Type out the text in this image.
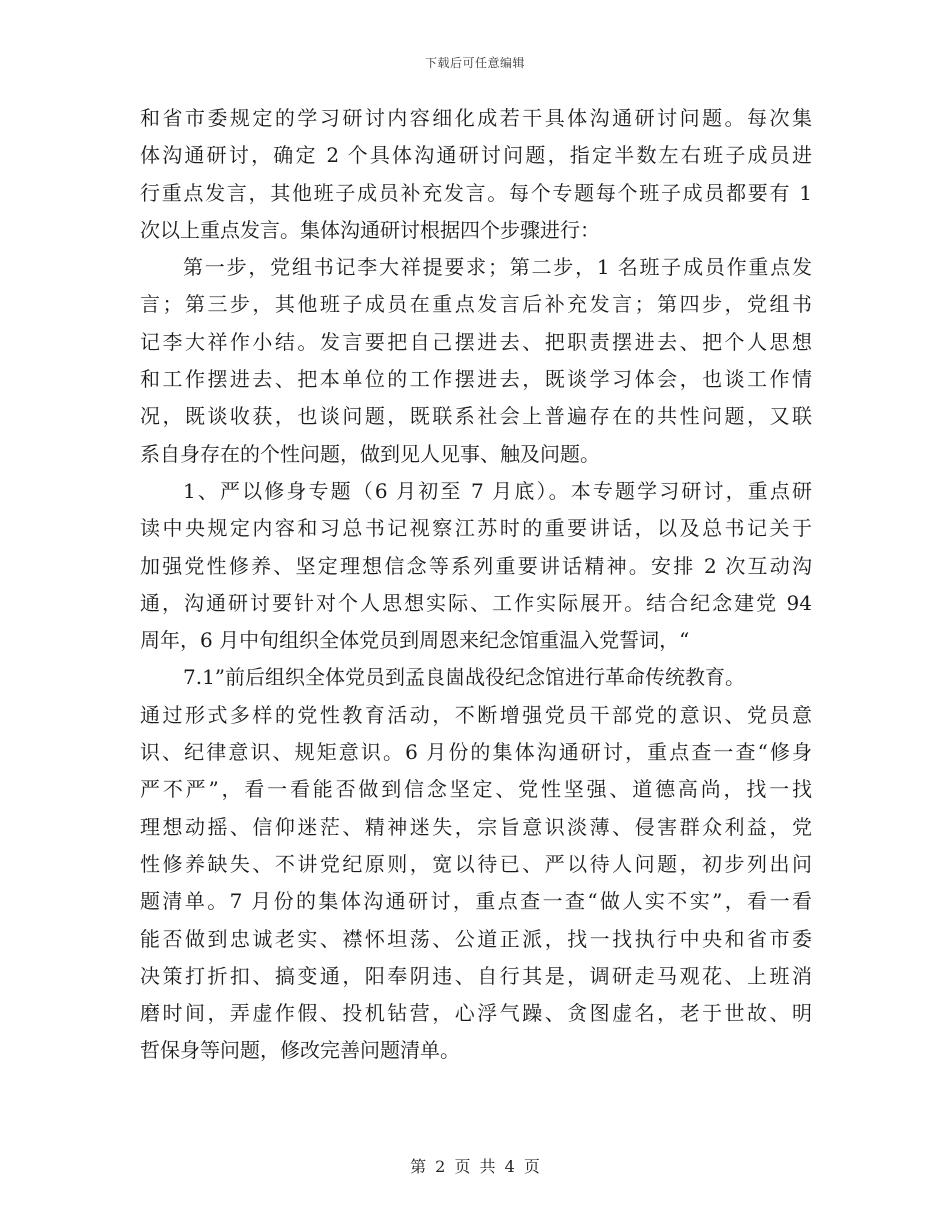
下载后可任意编辑
和省市委规定的学习研讨内容细化成若干具体沟通研讨问题。每次集
体沟通研讨，确定 2 个具体沟通研讨问题，指定半数左右班子成员进
行重点发言，其他班子成员补充发言。每个专题每个班子成员都要有 1
次以上重点发言。集体沟通研讨根据四个步骤进行：
第一步，党组书记李大祥提要求；第二步，1 名班子成员作重点发
言；第三步，其他班子成员在重点发言后补充发言；第四步，党组书
记李大祥作小结。发言要把自己摆进去、把职责摆进去、把个人思想
和工作摆进去、把本单位的工作摆进去，既谈学习体会，也谈工作情
况，既谈收获，也谈问题，既联系社会上普遍存在的共性问题，又联
系自身存在的个性问题，做到见人见事、触及问题。
1、严以修身专题（6 月初至 7 月底）。本专题学习研讨，重点研
读中央规定内容和习总书记视察江苏时的重要讲话，以及总书记关于
加强党性修养、坚定理想信念等系列重要讲话精神。安排 2 次互动沟
通，沟通研讨要针对个人思想实际、工作实际展开。结合纪念建党 94
周年，6 月中旬组织全体党员到周恩来纪念馆重温入党誓词，“
7.1”前后组织全体党员到孟良崮战役纪念馆进行革命传统教育。
通过形式多样的党性教育活动，不断增强党员干部党的意识、党员意
识、纪律意识、规矩意识。6 月份的集体沟通研讨，重点查一查“修身
严不严”，看一看能否做到信念坚定、党性坚强、道德高尚，找一找
理想动摇、信仰迷茫、精神迷失，宗旨意识淡薄、侵害群众利益，党
性修养缺失、不讲党纪原则，宽以待已、严以待人问题，初步列出问
题清单。7 月份的集体沟通研讨，重点查一查“做人实不实”，看一看
能否做到忠诚老实、襟怀坦荡、公道正派，找一找执行中央和省市委
决策打折扣、搞变通，阳奉阴违、自行其是，调研走马观花、上班消
磨时间，弄虚作假、投机钻营，心浮气躁、贪图虚名，老于世故、明
哲保身等问题，修改完善问题清单。
第 2 页 共 4 页
